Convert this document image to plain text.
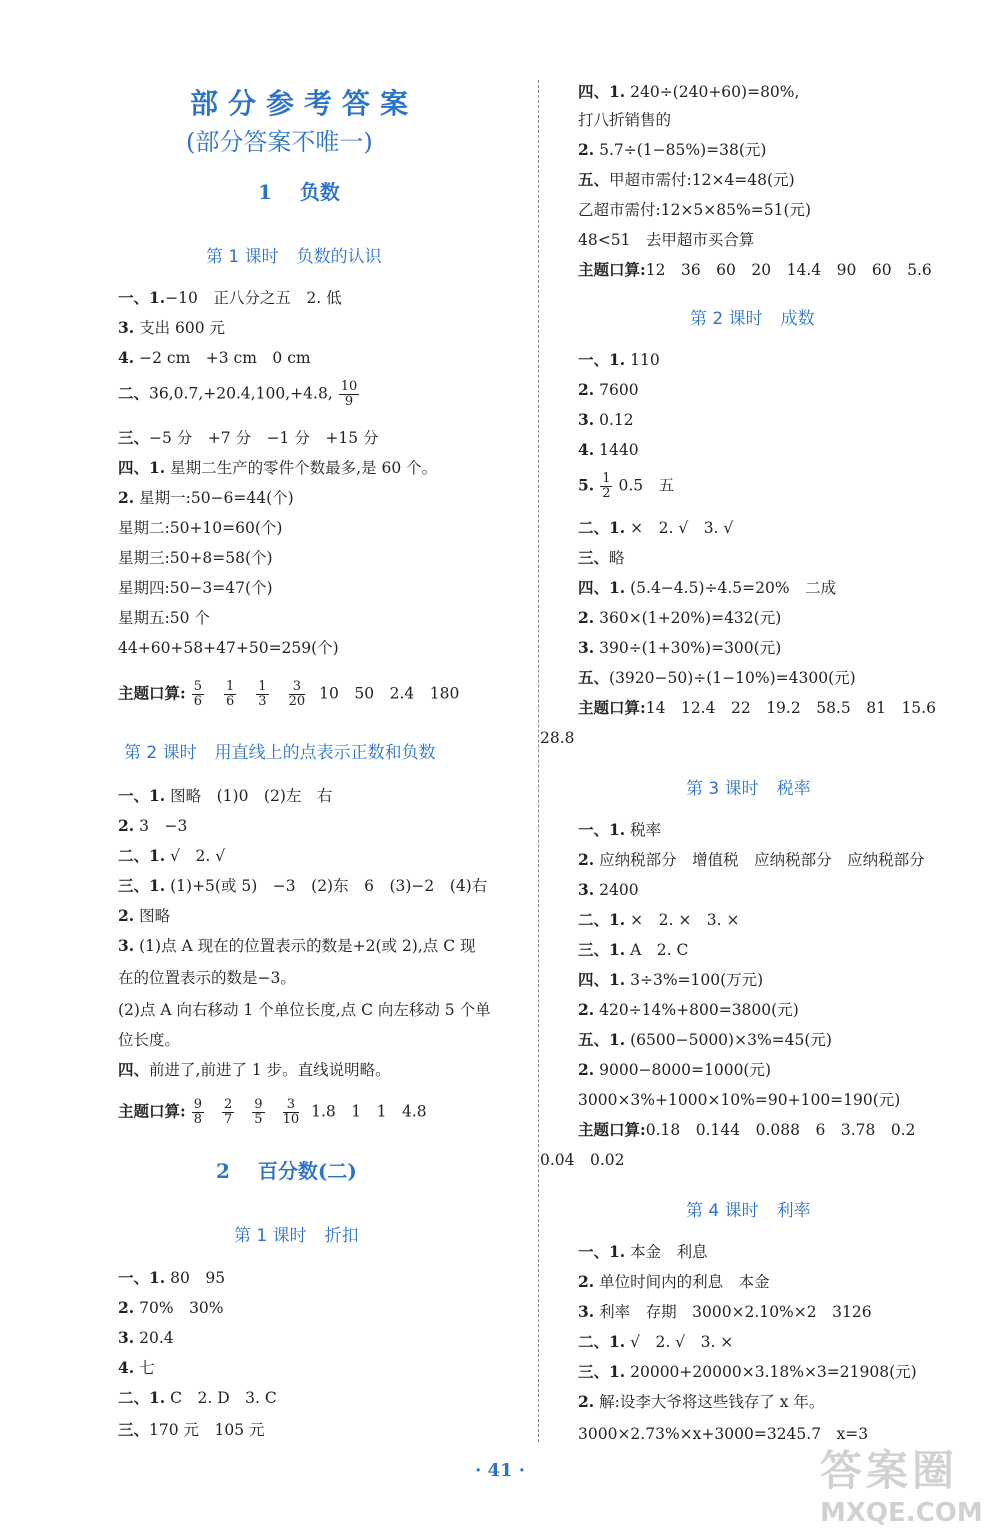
部分参考答案
(部分答案不唯一)
1 负数
第 1 课时 负数的认识
一、1.−10　正八分之五　2. 低
3. 支出 600 元
4. −2 cm　+3 cm　0 cm
二、36,0.7,+20.4,100,+4.8, $\frac{10}{9}$
三、−5 分　+7 分　−1 分　+15 分
四、1. 星期二生产的零件个数最多,是 60 个。
2. 星期一:50−6=44(个)
星期二:50+10=60(个)
星期三:50+8=58(个)
星期四:50−3=47(个)
星期五:50 个
44+60+58+47+50=259(个)
主题口算: $\frac{5}{6} \frac{1}{6} \frac{1}{3} \frac{3}{20} 10$　50　2.4　180
第 2 课时 用直线上的点表示正数和负数
一、1. 图略　(1)0　(2)左　右
2. 3　−3
二、1. √　2. √
三、1. (1)+5(或 5)　−3　(2)东　6　(3)−2　(4)右
2. 图略
3. (1)点 A 现在的位置表示的数是+2(或 2),点 C 现
在的位置表示的数是−3。
(2)点 A 向右移动 1 个单位长度,点 C 向左移动 5 个单
位长度。
四、前进了,前进了 1 步。直线说明略。
主题口算: $\frac{9}{8} \frac{2}{7} \frac{9}{5} \frac{3}{10} 1.8$　1　1　4.8
2 百分数(二)
第 1 课时 折扣
一、1. 80　95
2. 70%　30%
3. 20.4
4. 七
二、1. C　2. D　3. C
三、170 元　105 元
四、1. 240÷(240+60)=80%,
打八折销售的
2. 5.7÷(1−85%)=38(元)
五、甲超市需付:12×4=48(元)
乙超市需付:12×5×85%=51(元)
48<51　去甲超市买合算
主题口算:12　36　60　20　14.4　90　60　5.6
第 2 课时 成数
一、1. 110
2. 7600
3. 0.12
4. 1440
5. $\frac{1}{2} 0.5$　五
二、1. ×　2. √　3. √
三、略
四、1. (5.4−4.5)÷4.5=20%　二成
2. 360×(1+20%)=432(元)
3. 390÷(1+30%)=300(元)
五、(3920−50)÷(1−10%)=4300(元)
主题口算:14　12.4　22　19.2　58.5　81　15.6
28.8
第 3 课时 税率
一、1. 税率
2. 应纳税部分　增值税　应纳税部分　应纳税部分
3. 2400
二、1. ×　2. ×　3. ×
三、1. A　2. C
四、1. 3÷3%=100(万元)
2. 420÷14%+800=3800(元)
五、1. (6500−5000)×3%=45(元)
2. 9000−8000=1000(元)
3000×3%+1000×10%=90+100=190(元)
主题口算:0.18　0.144　0.088　6　3.78　0.2
0.04　0.02
第 4 课时 利率
一、1. 本金　利息
2. 单位时间内的利息　本金
3. 利率　存期　3000×2.10%×2　3126
二、1. √　2. √　3. ×
三、1. 20000+20000×3.18%×3=21908(元)
2. 解:设李大爷将这些钱存了 x 年。
3000×2.73%×x+3000=3245.7　x=3
· 41 ·	答案圈
MXQE.COM
